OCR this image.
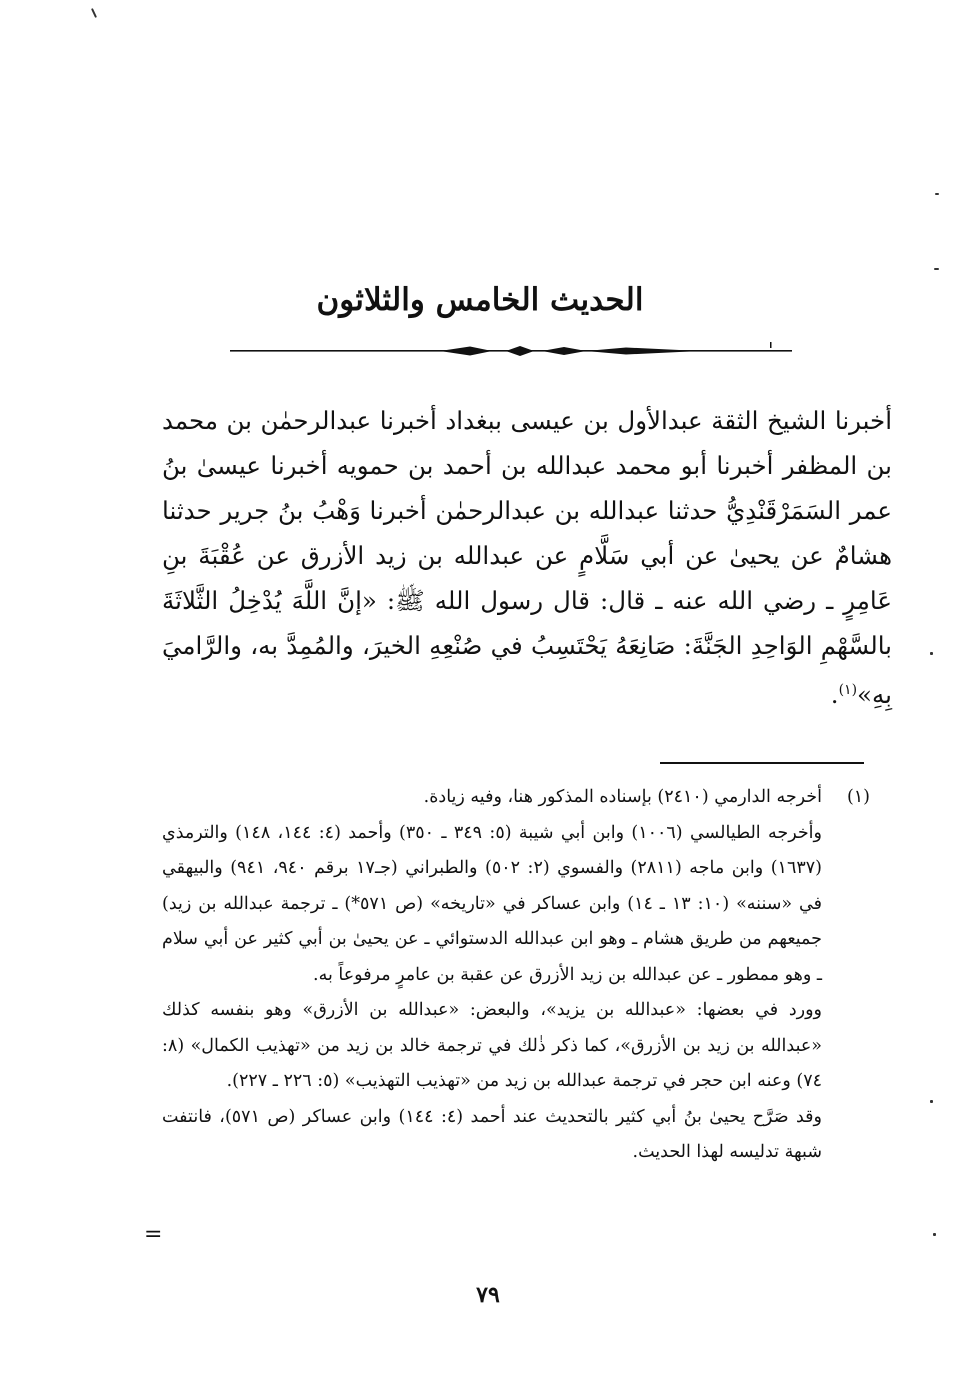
الحديث الخامس والثلاثون

أخبرنا الشيخ الثقة عبدالأول بن عيسى ببغداد أخبرنا عبدالرحمٰن بن محمد بن المظفر أخبرنا أبو محمد عبدالله بن أحمد بن حمويه أخبرنا عيسىٰ بنُ عمر السَمَرْقَنْدِيُّ حدثنا عبدالله بن عبدالرحمٰن أخبرنا وَهْبُ بنُ جرير حدثنا هشامٌ عن يحيىٰ عن أبي سَلَّامٍ عن عبدالله بن زيد الأزرق عن عُقْبَةَ بنِ عَامِرٍ ـ رضي الله عنه ـ قال: قال رسول الله ﷺ: «إنَّ اللَّهَ يُدْخِلُ الثَّلاثَةَ بالسَّهْمِ الوَاحِدِ الجَنَّةَ: صَانِعَهُ يَحْتَسِبُ في صُنْعِهِ الخيرَ، والمُمِدَّ به، والرَّاميَ بِهِ»$^{(١)}$.

(١)
أخرجه الدارمي (٢٤١٠) بإسناده المذكور هنا، وفيه زيادة.

وأخرجه الطيالسي (١٠٠٦) وابن أبي شيبة (٥: ٣٤٩ ـ ٣٥٠) وأحمد (٤: ١٤٤، ١٤٨) والترمذي (١٦٣٧) وابن ماجه (٢٨١١) والفسوي (٢: ٥٠٢) والطبراني (جـ١٧ برقم ٩٤٠، ٩٤١) والبيهقي في «سننه» (١٠: ١٣ ـ ١٤) وابن عساكر في «تاريخه» (ص ٥٧١*) ـ ترجمة عبدالله بن زيد) جميعهم من طريق هشام ـ وهو ابن عبدالله الدستوائي ـ عن يحيىٰ بن أبي كثير عن أبي سلام ـ وهو ممطور ـ عن عبدالله بن زيد الأزرق عن عقبة بن عامرٍ مرفوعاً به.

وورد في بعضها: «عبدالله بن يزيد»، والبعض: «عبدالله بن الأزرق» وهو بنفسه كذلك «عبدالله بن زيد بن الأزرق»، كما ذكر ذٰلك في ترجمة خالد بن زيد من «تهذيب الكمال» (٨: ٧٤) وعنه ابن حجر في ترجمة عبدالله بن زيد من «تهذيب التهذيب» (٥: ٢٢٦ ـ ٢٢٧).

وقد صَرَّح يحيىٰ بنُ أبي كثير بالتحديث عند أحمد (٤: ١٤٤) وابن عساكر (ص ٥٧١)، فانتفت شبهة تدليسه لهذا الحديث.

=
٧٩
